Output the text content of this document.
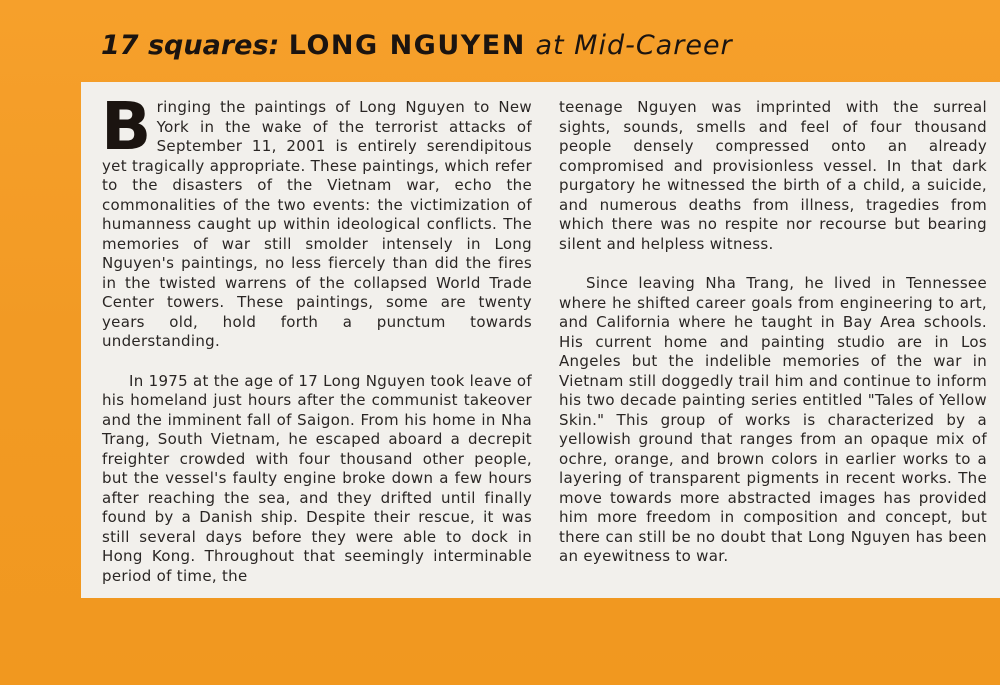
17 squares: LONG NGUYEN at Mid-Career

Bringing the paintings of Long Nguyen to New York in the wake of the terrorist attacks of September 11, 2001 is entirely serendipitous yet tragically appropriate. These paintings, which refer to the disasters of the Vietnam war, echo the commonalities of the two events: the victimization of humanness caught up within ideological conflicts. The memories of war still smolder intensely in Long Nguyen's paintings, no less fiercely than did the fires in the twisted warrens of the collapsed World Trade Center towers. These paintings, some are twenty years old, hold forth a punctum towards understanding.

In 1975 at the age of 17 Long Nguyen took leave of his homeland just hours after the communist takeover and the imminent fall of Saigon. From his home in Nha Trang, South Vietnam, he escaped aboard a decrepit freighter crowded with four thousand other people, but the vessel's faulty engine broke down a few hours after reaching the sea, and they drifted until finally found by a Danish ship. Despite their rescue, it was still several days before they were able to dock in Hong Kong. Throughout that seemingly interminable period of time, the

teenage Nguyen was imprinted with the surreal sights, sounds, smells and feel of four thousand people densely compressed onto an already compromised and provisionless vessel. In that dark purgatory he witnessed the birth of a child, a suicide, and numerous deaths from illness, tragedies from which there was no respite nor recourse but bearing silent and helpless witness.

Since leaving Nha Trang, he lived in Tennessee where he shifted career goals from engineering to art, and California where he taught in Bay Area schools. His current home and painting studio are in Los Angeles but the indelible memories of the war in Vietnam still doggedly trail him and continue to inform his two decade painting series entitled "Tales of Yellow Skin." This group of works is characterized by a yellowish ground that ranges from an opaque mix of ochre, orange, and brown colors in earlier works to a layering of transparent pigments in recent works. The move towards more abstracted images has provided him more freedom in composition and concept, but there can still be no doubt that Long Nguyen has been an eyewitness to war.
